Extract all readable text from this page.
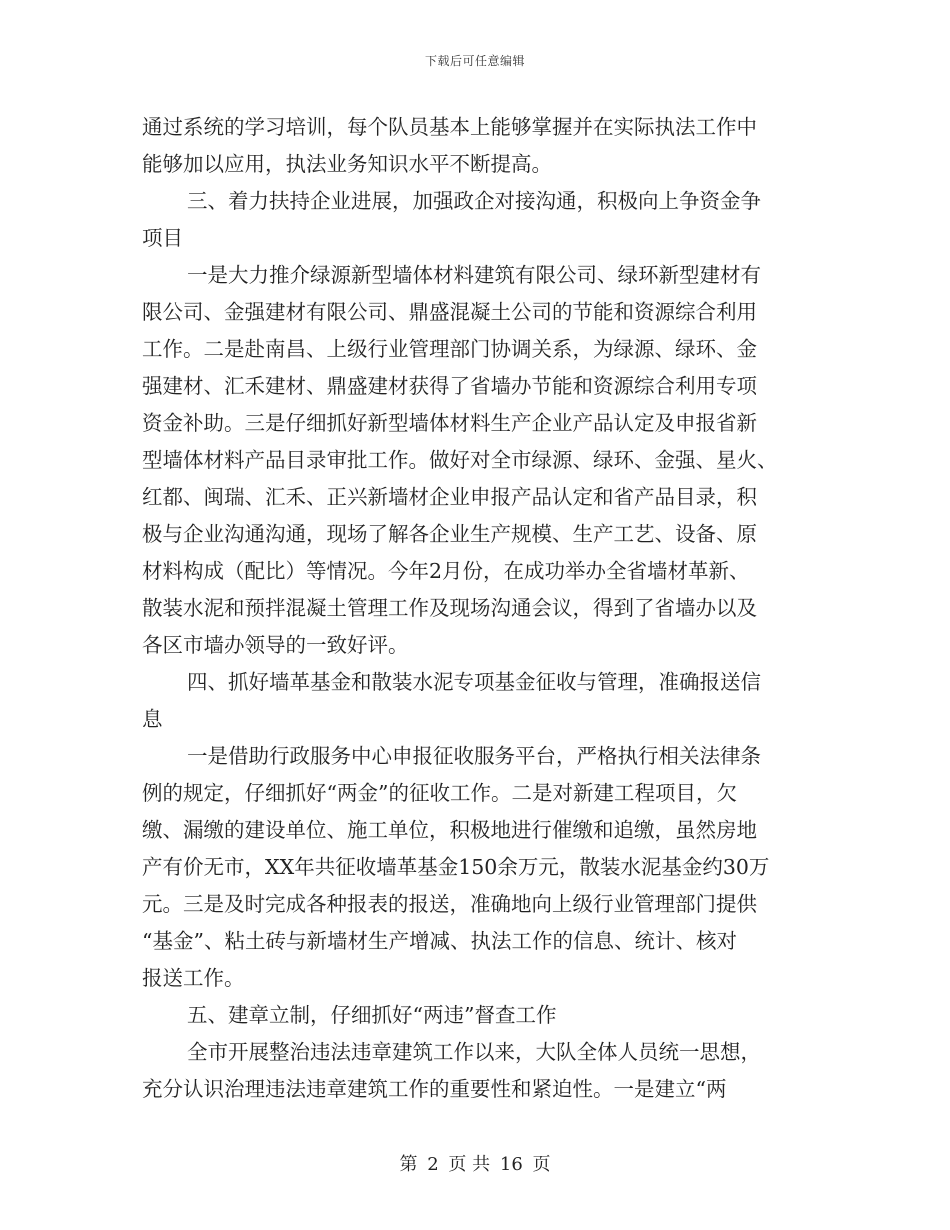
下载后可任意编辑
通过系统的学习培训，每个队员基本上能够掌握并在实际执法工作中
能够加以应用，执法业务知识水平不断提高。
三、着力扶持企业进展，加强政企对接沟通，积极向上争资金争
项目
一是大力推介绿源新型墙体材料建筑有限公司、绿环新型建材有
限公司、金强建材有限公司、鼎盛混凝土公司的节能和资源综合利用
工作。二是赴南昌、上级行业管理部门协调关系，为绿源、绿环、金
强建材、汇禾建材、鼎盛建材获得了省墙办节能和资源综合利用专项
资金补助。三是仔细抓好新型墙体材料生产企业产品认定及申报省新
型墙体材料产品目录审批工作。做好对全市绿源、绿环、金强、星火、
红都、闽瑞、汇禾、正兴新墙材企业申报产品认定和省产品目录，积
极与企业沟通沟通，现场了解各企业生产规模、生产工艺、设备、原
材料构成（配比）等情况。今年2月份，在成功举办全省墙材革新、
散装水泥和预拌混凝土管理工作及现场沟通会议，得到了省墙办以及
各区市墙办领导的一致好评。
四、抓好墙革基金和散装水泥专项基金征收与管理，准确报送信
息
一是借助行政服务中心申报征收服务平台，严格执行相关法律条
例的规定，仔细抓好“两金”的征收工作。二是对新建工程项目，欠
缴、漏缴的建设单位、施工单位，积极地进行催缴和追缴，虽然房地
产有价无市，XX年共征收墙革基金150余万元，散装水泥基金约30万
元。三是及时完成各种报表的报送，准确地向上级行业管理部门提供
“基金”、粘土砖与新墙材生产增减、执法工作的信息、统计、核对
报送工作。
五、建章立制，仔细抓好“两违”督查工作
全市开展整治违法违章建筑工作以来，大队全体人员统一思想，
充分认识治理违法违章建筑工作的重要性和紧迫性。一是建立“两
第 2 页 共 16 页
